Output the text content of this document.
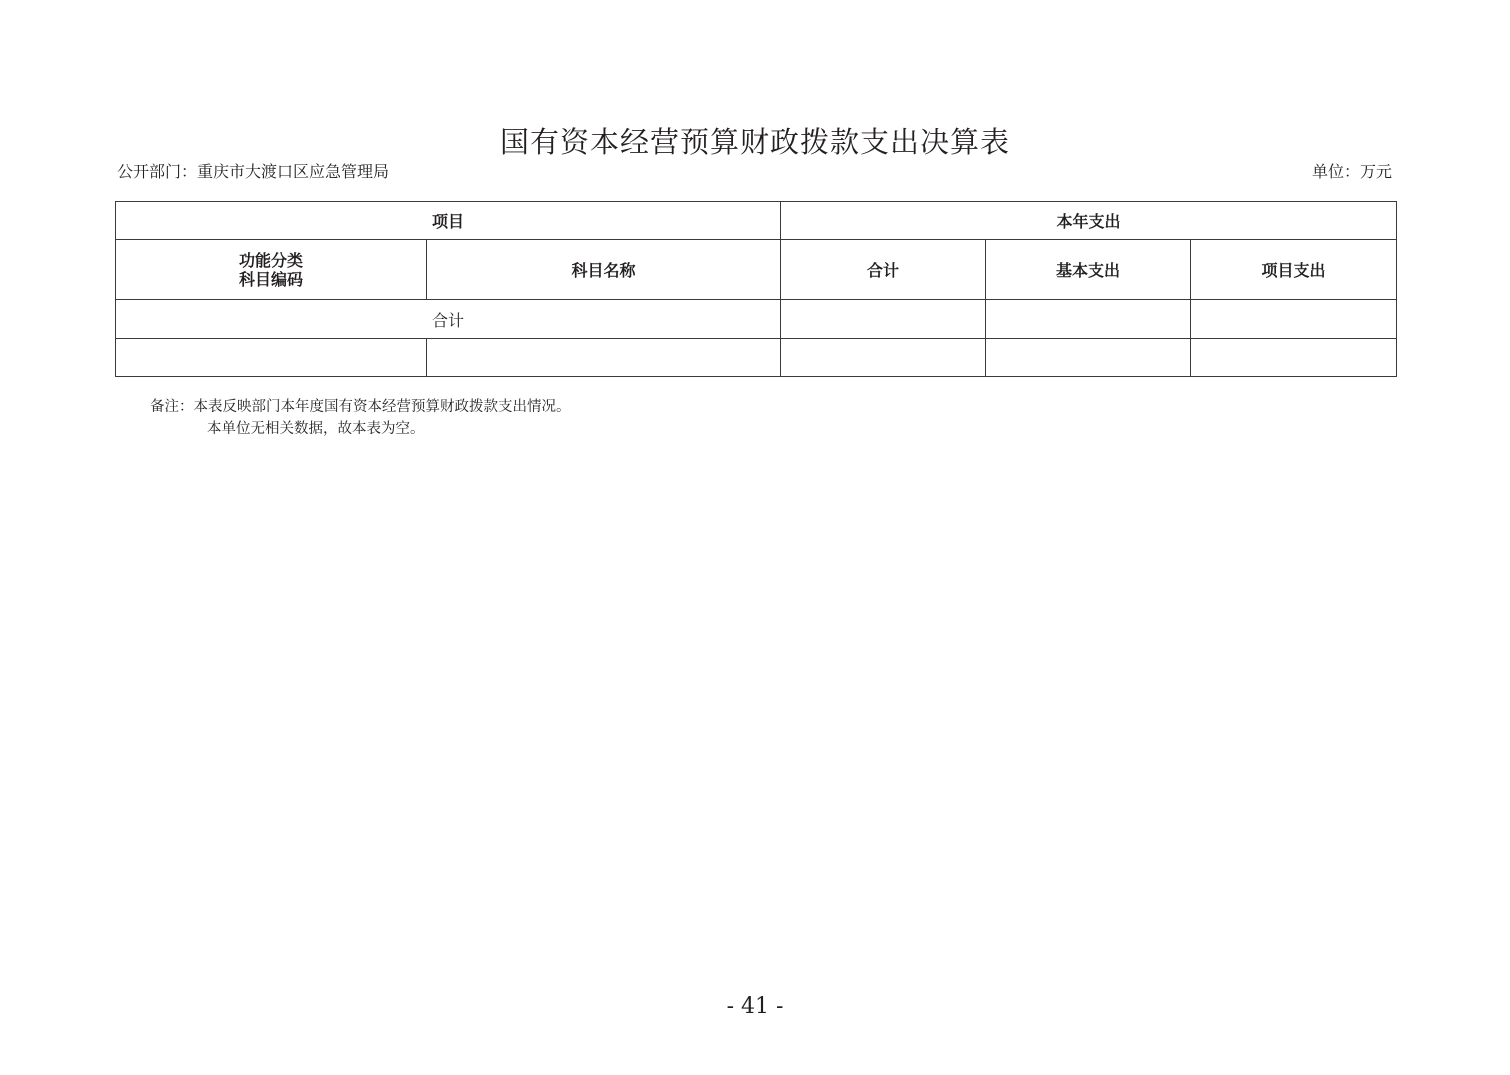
国有资本经营预算财政拨款支出决算表
公开部门：重庆市大渡口区应急管理局	单位：万元
项目		本年支出		

功能分类
科目编码	科目名称	合计	基本支出	项目支出
合计				

备注：本表反映部门本年度国有资本经营预算财政拨款支出情况。
本单位无相关数据，故本表为空。
- 41 -
